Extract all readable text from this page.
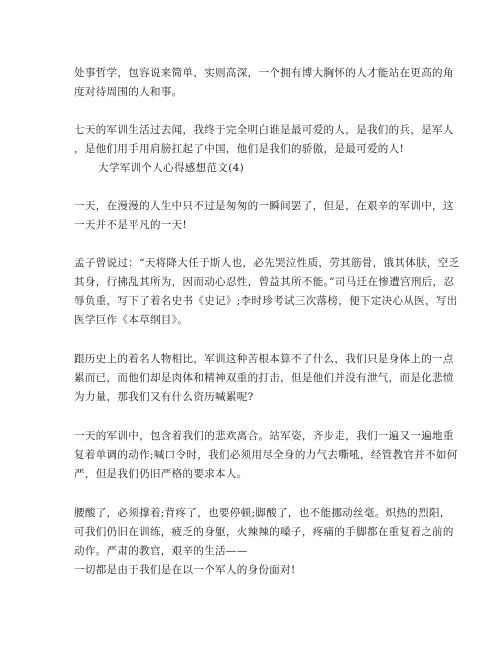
处事哲学，包容说来简单，实则高深，一个拥有博大胸怀的人才能站在更高的角
度对待周围的人和事。

七天的军训生活过去闻，我终于完全明白谁是最可爱的人，是我们的兵，是军人
，是他们用手用肩膀扛起了中国，他们是我们的骄傲，是最可爱的人!

大学军训个人心得感想范文(4)

一天，在漫漫的人生中只不过是匆匆的一瞬间罢了，但是，在艰辛的军训中，这
一天并不是平凡的一天!

孟子曾说过：“天将降大任于斯人也，必先哭泣性质，劳其筋骨，饿其体肤，空乏
其身，行拂乱其所为，因而动心忍性，曾益其所不能。”司马迁在惨遭宫刑后，忍
辱负重，写下了着名史书《史记》;李时珍考试三次落榜，便下定决心从医，写出
医学巨作《本草纲目》。

跟历史上的着名人物相比，军训这种苦根本算不了什么，我们只是身体上的一点
累而已，而他们却是肉体和精神双重的打击，但是他们并没有泄气，而是化悲愤
为力量，那我们又有什么资历喊累呢?

一天的军训中，包含着我们的悲欢离合。站军姿，齐步走，我们一遍又一遍地重
复着单调的动作;喊口令时，我们必须用尽全身的力气去嘶吼，经管教官并不如何
严，但是我们仍旧严格的要求本人。

腰酸了，必须撑着;背疼了，也要停顿;脚酸了，也不能挪动丝毫。炽热的烈阳，
可我们仍旧在训练，疲乏的身躯，火辣辣的嗓子，疼痛的手脚都在重复着之前的
动作。严肃的教官，艰辛的生活——
一切都是由于我们是在以一个军人的身份面对!
